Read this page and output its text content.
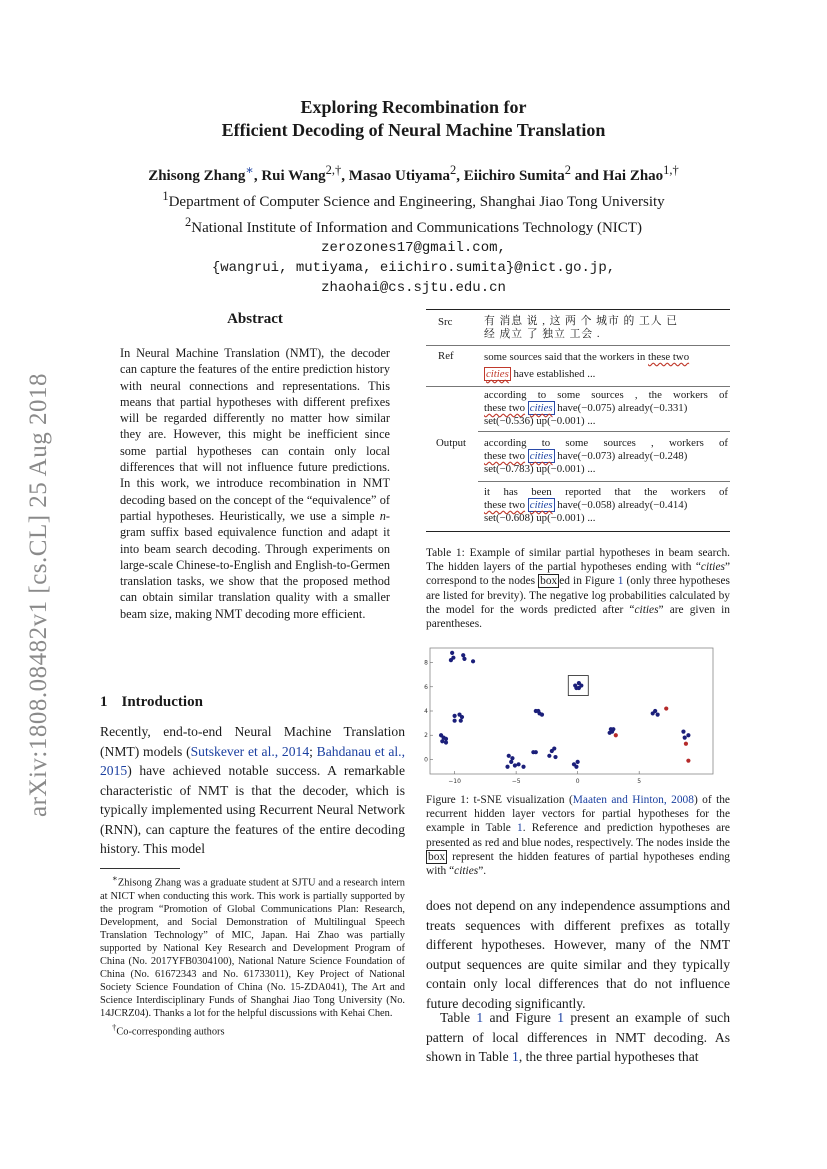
arXiv:1808.08482v1 [cs.CL] 25 Aug 2018
Exploring Recombination for
Efficient Decoding of Neural Machine Translation
Zhisong Zhang∗, Rui Wang$^{2,\dagger}$, Masao Utiyama$^2$, Eiichiro Sumita$^2$ and Hai Zhao$^{1,\dagger}$
$^1$Department of Computer Science and Engineering, Shanghai Jiao Tong University
$^2$National Institute of Information and Communications Technology (NICT)
zerozones17@gmail.com,
{wangrui, mutiyama, eiichiro.sumita}@nict.go.jp,
zhaohai@cs.sjtu.edu.cn
Abstract
In Neural Machine Translation (NMT), the decoder can capture the features of the entire prediction history with neural connections and representations. This means that partial hypotheses with different prefixes will be regarded differently no matter how similar they are. However, this might be inefficient since some partial hypotheses can contain only local differences that will not influence future predictions. In this work, we introduce recombination in NMT decoding based on the concept of the “equivalence” of partial hypotheses. Heuristically, we use a simple n-gram suffix based equivalence function and adapt it into beam search decoding. Through experiments on large-scale Chinese-to-English and English-to-Germen translation tasks, we show that the proposed method can obtain similar translation quality with a smaller beam size, making NMT decoding more efficient.
1 Introduction
Recently, end-to-end Neural Machine Translation (NMT) models (Sutskever et al., 2014; Bahdanau et al., 2015) have achieved notable success. A remarkable characteristic of NMT is that the decoder, which is typically implemented using Recurrent Neural Network (RNN), can capture the features of the entire decoding history. This model

∗Zhisong Zhang was a graduate student at SJTU and a research intern at NICT when conducting this work. This work is partially supported by the program “Promotion of Global Communications Plan: Research, Development, and Social Demonstration of Multilingual Speech Translation Technology” of MIC, Japan. Hai Zhao was partially supported by National Key Research and Development Program of China (No. 2017YFB0304100), National Nature Science Foundation of China (No. 61672343 and No. 61733011), Key Project of National Society Science Foundation of China (No. 15-ZDA041), The Art and Science Interdisciplinary Funds of Shanghai Jiao Tong University (No. 14JCRZ04). Thanks a lot for the helpful discussions with Kehai Chen.

†Co-corresponding authors

Src	有 消息 说 , 这 两 个 城市 的 工人 已
经 成立 了 独立 工会 .
Ref	some sources said that the workers in these two
cities have established ...
Output
according to some sources , the workers of
these two cities have(−0.075) already(−0.331)
set(−0.536) up(−0.001) ...
according to some sources , workers of
these two cities have(−0.073) already(−0.248)
set(−0.783) up(−0.001) ...
it has been reported that the workers of
these two cities have(−0.058) already(−0.414)
set(−0.608) up(−0.001) ...
Table 1: Example of similar partial hypotheses in beam search. The hidden layers of the partial hypotheses ending with “cities” correspond to the nodes box ed in Figure 1 (only three hypotheses are listed for brevity). The negative log probabilities calculated by the model for the words predicted after “cities” are given in parentheses.
−10	−5	0	5
0
2
4
6
8
Figure 1: t-SNE visualization (Maaten and Hinton, 2008) of the recurrent hidden layer vectors for partial hypotheses for the example in Table 1. Reference and prediction hypotheses are presented as red and blue nodes, respectively. The nodes inside the box represent the hidden features of partial hypotheses ending with “cities”.
does not depend on any independence assumptions and treats sequences with different prefixes as totally different hypotheses. However, many of the NMT output sequences are quite similar and they typically contain only local differences that do not influence future decoding significantly.
Table 1 and Figure 1 present an example of such pattern of local differences in NMT decoding. As shown in Table 1, the three partial hypotheses that
